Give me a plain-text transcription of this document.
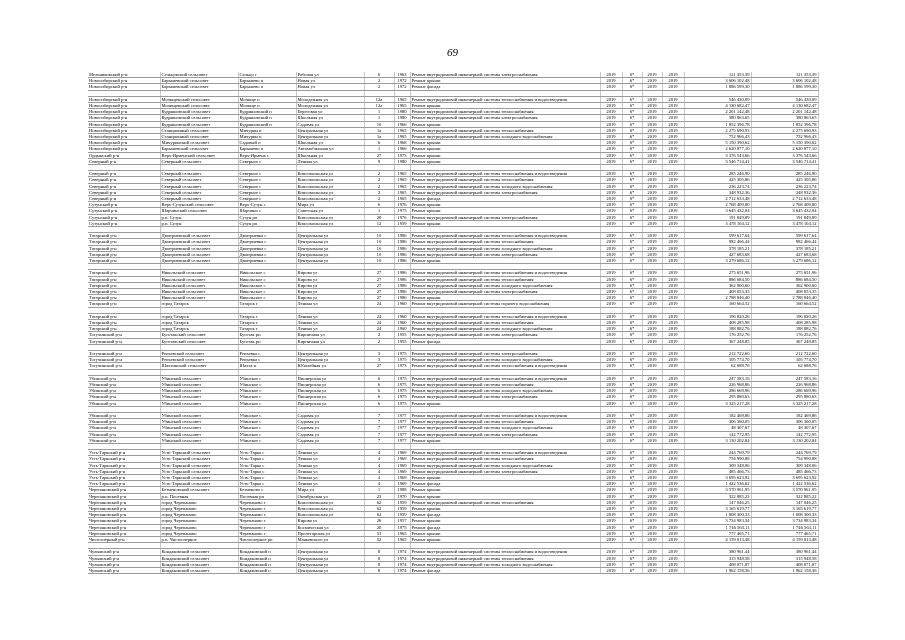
69
Мельниковский р-н	Сельцовский сельсовет	Сельцо г	Рабочая ул	6	1963	Ремонт внутридомовой инженерной системы электроснабжения	2019	6*	2019	2019	121 353,39	121 353,39
Новосибирский р-н	Барышевский сельсовет	Барышево п	Новая ул	2	1972	Ремонт крыши	2019	6*	2019	2019	3 606 102,48	3 606 102,48
Новосибирский р-н	Барышевский сельсовет	Барышево п	Новая ул	2	1972	Ремонт фасада	2019	6*	2019	2019	1 886 599,30	1 886 599,30

Новосибирский р-н	Мочищенский сельсовет	Мочище п	Молодежная ул	12а	1965	Ремонт внутридомовой инженерной системы теплоснабжения и водоотведения	2019	6*	2019	2019	546 430,09	546 430,09
Новосибирский р-н	Мочищенский сельсовет	Мочище п	Молодежная ул	12а	1965	Ремонт крыши	2019	6*	2019	2019	4 130 682,47	4 130 682,47
Новосибирский р-н	Кудряшовский сельсовет	Кудряшовский п	Береговая ул	1	1980	Ремонт внутридомовой инженерной системы теплоснабжения	2019	6*	2019	2019	2 201 142,48	2 201 142,48
Новосибирский р-н	Кудряшовский сельсовет	Кудряшовский п	Школьная ул	1	1980	Ремонт внутридомовой инженерной системы электроснабжения	2019	6*	2019	2019	380 863,65	380 863,65
Новосибирский р-н	Кудряшовский сельсовет	Кудряшовский п	Садовая ул	10	1966	Ремонт крыши	2019	6*	2019	2019	1 852 396,78	1 852 396,78
Новосибирский р-н	Станционный сельсовет	Мичурин п	Центральная ул	1а	1965	Ремонт внутридомовой инженерной системы теплоснабжения	2019	6*	2019	2019	2 275 690,93	2 275 690,93
Новосибирский р-н	Станционный сельсовет	Мичурин п	Центральная ул	1а	1965	Ремонт внутридомовой инженерной системы холодного водоснабжения	2019	6*	2019	2019	752 966,43	752 966,43
Новосибирский р-н	Мичуринский сельсовет	Садовый п	Школьная ул	6	1968	Ремонт крыши	2019	6*	2019	2019	5 150 390,62	5 150 390,62
Новосибирский р-н	Барышевский сельсовет	Барышево п	Автомобильная ул	1	1966	Ремонт крыши	2019	6*	2019	2019	2 620 877,10	2 620 877,10
Ордынский р-н	Верх-Ирменский сельсовет	Верх-Ирмень с	Школьная ул	27	1973	Ремонт крыши	2019	6*	2019	2019	3 376 543,66	3 376 543,66
Северный р-н	Северный сельсовет	Северное с	Ленина ул	9	1980	Ремонт крыши	2019	6*	2019	2019	3 546 714,41	3 546 714,41

Северный р-н	Северный сельсовет	Северное с	Комсомольская ул	2	1965	Ремонт внутридомовой инженерной системы теплоснабжения и водоотведения	2019	6*	2019	2019	285 246,90	285 246,90
Северный р-н	Северный сельсовет	Северное с	Комсомольская ул	2	1965	Ремонт внутридомовой инженерной системы теплоснабжения	2019	6*	2019	2019	425 305,86	425 305,86
Северный р-н	Северный сельсовет	Северное с	Комсомольская ул	2	1965	Ремонт внутридомовой инженерной системы холодного водоснабжения	2019	6*	2019	2019	236 223,74	236 223,74
Северный р-н	Северный сельсовет	Северное с	Комсомольская ул	2	1965	Ремонт внутридомовой инженерной системы электроснабжения	2019	6*	2019	2019	348 932,36	348 932,36
Северный р-н	Северный сельсовет	Северное с	Комсомольская ул	2	1965	Ремонт фасада	2019	6*	2019	2019	2 712 633,48	2 712 633,48
Сузунский р-н	Верх-Сузунский сельсовет	Верх-Сузун с	Мира ул	6	1976	Ремонт крыши	2019	6*	2019	2019	2 768 409,80	2 768 409,80
Сузунский р-н	Шарчинский сельсовет	Шарчино с	Советская ул	1	1975	Ремонт крыши	2019	6*	2019	2019	3 645 432,04	3 645 432,04
Сузунский р-н	р.п. Сузун	Сузун рп	Комсомольская ул	20	1976	Ремонт внутридомовой инженерной системы электроснабжения	2019	6*	2019	2019	191 849,89	191 849,89
Сузунский р-н	р.п. Сузун	Сузун рп	Комсомольская ул	12	1959	Ремонт крыши	2019	6*	2019	2019	3 478 104,12	3 478 104,12

Татарский р-н	Дмитриевский сельсовет	Дмитриевка с	Центральная ул	1б	1986	Ремонт внутридомовой инженерной системы теплоснабжения и водоотведения	2019	6*	2019	2019	599 617,64	599 617,64
Татарский р-н	Дмитриевский сельсовет	Дмитриевка с	Центральная ул	1б	1986	Ремонт внутридомовой инженерной системы теплоснабжения	2019	6*	2019	2019	982 466,44	982 466,44
Татарский р-н	Дмитриевский сельсовет	Дмитриевка с	Центральная ул	1б	1986	Ремонт внутридомовой инженерной системы холодного водоснабжения	2019	6*	2019	2019	378 185,21	378 185,21
Татарский р-н	Дмитриевский сельсовет	Дмитриевка с	Центральная ул	1б	1986	Ремонт внутридомовой инженерной системы электроснабжения	2019	6*	2019	2019	427 683,68	427 683,68
Татарский р-н	Дмитриевский сельсовет	Дмитриевка с	Центральная ул	1б	1986	Ремонт крыши	2019	6*	2019	2019	3 279 686,12	3 279 686,12

Татарский р-н	Никольский сельсовет	Никольское с	Кирова ул	27	1986	Ремонт внутридомовой инженерной системы теплоснабжения и водоотведения	2019	6*	2019	2019	275 651,96	275 651,96
Татарский р-н	Никольский сельсовет	Никольское с	Кирова ул	27	1986	Ремонт внутридомовой инженерной системы теплоснабжения	2019	6*	2019	2019	886 684,50	886 684,50
Татарский р-н	Никольский сельсовет	Никольское с	Кирова ул	27	1986	Ремонт внутридомовой инженерной системы холодного водоснабжения	2019	6*	2019	2019	362 900,60	362 900,60
Татарский р-н	Никольский сельсовет	Никольское с	Кирова ул	27	1986	Ремонт внутридомовой инженерной системы электроснабжения	2019	6*	2019	2019	408 053,35	408 053,35
Татарский р-н	Никольский сельсовет	Никольское с	Кирова ул	27	1986	Ремонт крыши	2019	6*	2019	2019	2 788 846,40	2 788 846,40
Татарский р-н	город Татарск	Татарск г	Ленина ул	24	1960	Ремонт внутридомовой инженерной системы горячего водоснабжения	2019	6*	2019	2019	160 664,52	160 664,52

Татарский р-н	город Татарск	Татарск г	Ленина ул	24	1960	Ремонт внутридомовой инженерной системы теплоснабжения и водоотведения	2019	6*	2019	2019	196 820,26	196 820,26
Татарский р-н	город Татарск	Татарск г	Ленина ул	24	1960	Ремонт внутридомовой инженерной системы теплоснабжения	2019	6*	2019	2019	408 285,98	408 285,98
Татарский р-н	город Татарск	Татарск г	Ленина ул	24	1960	Ремонт внутридомовой инженерной системы холодного водоснабжения	2019	6*	2019	2019	188 882,76	188 882,76
Тогучинский р-н	Буготакский сельсовет	Буготак рп	Кирпичная ул	2	1955	Ремонт внутридомовой инженерной системы электроснабжения	2019	6*	2019	2019	176 252,76	176 252,76
Тогучинский р-н	Буготакский сельсовет	Буготак рп	Кирпичная ул	2	1955	Ремонт фасада	2019	6*	2019	2019	367 248,85	367 248,85

Тогучинский р-н	Репьевский сельсовет	Репьевка с	Центральная ул	3	1975	Ремонт внутридомовой инженерной системы электроснабжения	2019	6*	2019	2019	212 722,60	212 722,60
Тогучинский р-н	Репьевский сельсовет	Репьевка с	Центральная ул	3	1975	Ремонт внутридомовой инженерной системы холодного водоснабжения	2019	6*	2019	2019	105 774,70	105 774,70
Тогучинский р-н	Шахтинский сельсовет	Шахта п	Юбилейная ул	27	1973	Ремонт внутридомовой инженерной системы теплоснабжения и водоотведения	2019	6*	2019	2019	62 688,76	62 688,76

Убинский р-н	Убинский сельсовет	Убинское с	Пионерская ул	6	1975	Ремонт внутридомовой инженерной системы теплоснабжения и водоотведения	2019	6*	2019	2019	247 583,16	247 583,16
Убинский р-н	Убинский сельсовет	Убинское с	Пионерская ул	6	1975	Ремонт внутридомовой инженерной системы теплоснабжения	2019	6*	2019	2019	226 968,86	226 968,86
Убинский р-н	Убинский сельсовет	Убинское с	Пионерская ул	6	1975	Ремонт внутридомовой инженерной системы холодного водоснабжения	2019	6*	2019	2019	286 669,96	286 669,96
Убинский р-н	Убинский сельсовет	Убинское с	Пионерская ул	6	1975	Ремонт внутридомовой инженерной системы электроснабжения	2019	6*	2019	2019	295 880,63	295 880,63
Убинский р-н	Убинский сельсовет	Убинское с	Пионерская ул	6	1975	Ремонт крыши	2019	6*	2019	2019	3 325 217,28	3 325 217,28

Убинский р-н	Убинский сельсовет	Убинское с	Садовая ул	7	1977	Ремонт внутридомовой инженерной системы теплоснабжения и водоотведения	2019	6*	2019	2019	182 469,86	182 469,86
Убинский р-н	Убинский сельсовет	Убинское с	Садовая ул	7	1977	Ремонт внутридомовой инженерной системы теплоснабжения	2019	6*	2019	2019	306 360,05	306 360,05
Убинский р-н	Убинский сельсовет	Убинское с	Садовая ул	7	1977	Ремонт внутридомовой инженерной системы холодного водоснабжения	2019	6*	2019	2019	48 307,67	48 307,67
Убинский р-н	Убинский сельсовет	Убинское с	Садовая ул	7	1977	Ремонт внутридомовой инженерной системы электроснабжения	2019	6*	2019	2019	142 772,95	142 772,95
Убинский р-н	Убинский сельсовет	Убинское с	Садовая ул	7	1977	Ремонт крыши	2019	6*	2019	2019	3 130 202,84	3 130 202,84

Усть-Таркский р-н	Усть-Таркский сельсовет	Усть-Тарка с	Ленина ул	4	1969	Ремонт внутридомовой инженерной системы теплоснабжения и водоотведения	2019	6*	2019	2019	244 769,79	244 769,79
Усть-Таркский р-н	Усть-Таркский сельсовет	Усть-Тарка с	Ленина ул	4	1969	Ремонт внутридомовой инженерной системы теплоснабжения	2019	6*	2019	2019	754 990,88	754 990,88
Усть-Таркский р-н	Усть-Таркский сельсовет	Усть-Тарка с	Ленина ул	4	1969	Ремонт внутридомовой инженерной системы холодного водоснабжения	2019	6*	2019	2019	309 348,06	309 348,06
Усть-Таркский р-н	Усть-Таркский сельсовет	Усть-Тарка с	Ленина ул	4	1969	Ремонт внутридомовой инженерной системы электроснабжения	2019	6*	2019	2019	485 466,73	485 466,73
Усть-Таркский р-н	Усть-Таркский сельсовет	Усть-Тарка с	Ленина ул	4	1969	Ремонт крыши	2019	6*	2019	2019	3 695 623,92	3 695 623,92
Усть-Таркский р-н	Усть-Таркский сельсовет	Усть-Тарка с	Ленина ул	4	1969	Ремонт фасада	2019	6*	2019	2019	1 422 536,62	1 422 536,62
Черепановский р-н	Безменовский сельсовет	Безменово с	Мира ул	1	1988	Ремонт крыши	2019	6*	2019	2019	3 570 961,95	3 570 961,95
Черепановский р-н	р.п. Посевная	Посевная рп	Октябрьская ул	23	1970	Ремонт крыши	2019	6*	2019	2019	322 885,22	322 885,22
Черепановский р-н	город Черепаново	Черепаново г	Комсомольская ул	62	1959	Ремонт внутридомовой инженерной системы теплоснабжения	2019	6*	2019	2019	147 046,25	147 046,25
Черепановский р-н	город Черепаново	Черепаново г	Комсомольская ул	62	1959	Ремонт крыши	2019	6*	2019	2019	3 165 619,77	3 165 619,77
Черепановский р-н	город Черепаново	Черепаново г	Комсомольская ул	62	1959	Ремонт фасада	2019	6*	2019	2019	1 008 300,33	1 008 300,33
Черепановский р-н	город Черепаново	Черепаново г	Кирова ул	26	1957	Ремонт крыши	2019	6*	2019	2019	3 734 983,34	3 734 983,34
Черепановский р-н	город Черепаново	Черепаново г	Космическая ул	20	1975	Ремонт фасада	2019	6*	2019	2019	1 746 563,11	1 746 563,11
Черепановский р-н	город Черепаново	Черепаново г	Пролетарская ул	53	1965	Ремонт крыши	2019	6*	2019	2019	777 465,71	777 465,71
Чистоозерный р-н	р.п. Чистоозерное	Чистоозерное рп	Маяковского ул	52	1965	Ремонт крыши	2019	6*	2019	2019	4 159 013,48	4 159 013,48

Чулымский р-н	Кондаковский сельсовет	Кондаковский п	Центральная ул	8	1974	Ремонт внутридомовой инженерной системы теплоснабжения и водоотведения	2019	6*	2019	2019	380 961,44	380 961,44
Чулымский р-н	Кондаковский сельсовет	Кондаковский п	Центральная ул	8	1974	Ремонт внутридомовой инженерной системы теплоснабжения	2019	6*	2019	2019	315 948,58	315 948,58
Чулымский р-н	Кондаковский сельсовет	Кондаковский п	Центральная ул	8	1974	Ремонт внутридомовой инженерной системы холодного водоснабжения	2019	6*	2019	2019	408 071,07	408 071,07
Чулымский р-н	Кондаковский сельсовет	Кондаковский п	Центральная ул	8	1974	Ремонт фасада	2019	6*	2019	2019	1 962 158,36	1 962 158,36
